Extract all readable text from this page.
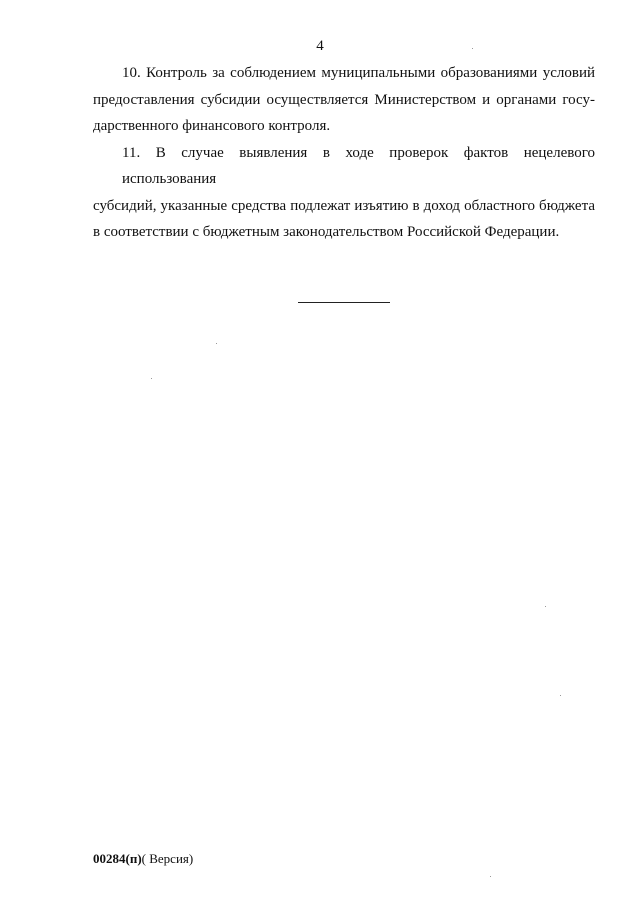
4

10. Контроль за соблюдением муниципальными образованиями условий
предоставления субсидии осуществляется Министерством и органами госу-
дарственного финансового контроля.

11. В случае выявления в ходе проверок фактов нецелевого использования
субсидий, указанные средства подлежат изъятию в доход областного бюджета
в соответствии с бюджетным законодательством Российской Федерации.

00284(п)( Версия)
